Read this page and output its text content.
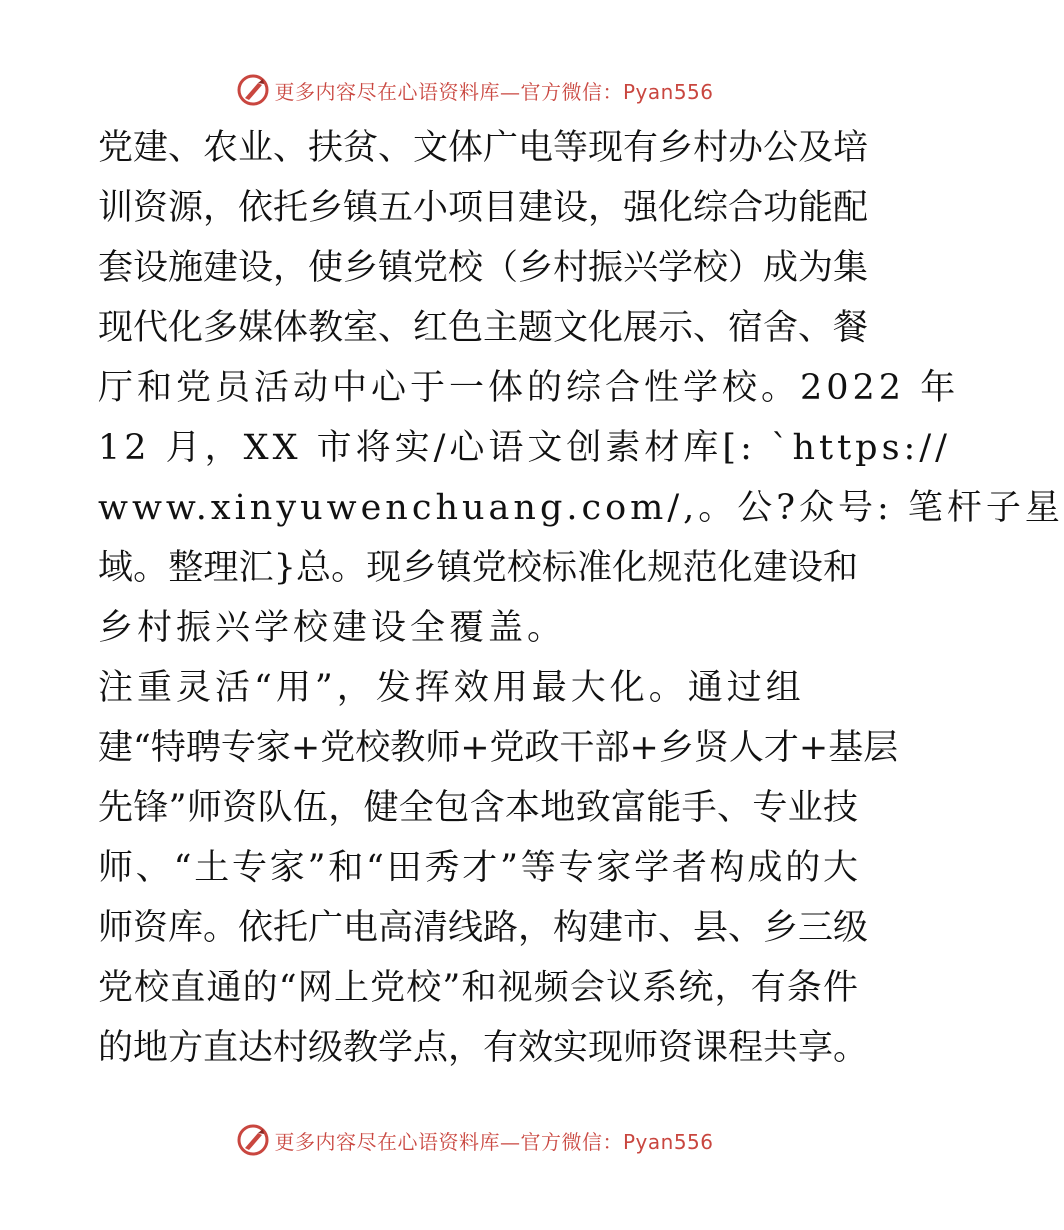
更多内容尽在心语资料库—官方微信：Pyan556

党建、农业、扶贫、文体广电等现有乡村办公及培
训资源，依托乡镇五小项目建设，强化综合功能配
套设施建设，使乡镇党校（乡村振兴学校）成为集
现代化多媒体教室、红色主题文化展示、宿舍、餐
厅和党员活动中心于一体的综合性学校。2022 年
12 月，XX 市将实/心语文创素材库[: `https://
www.xinyuwenchuang.com/,。公?众号: 笔杆子星
域。整理汇}总。现乡镇党校标准化规范化建设和
乡村振兴学校建设全覆盖。

注重灵活“用”，发挥效用最大化。通过组
建“特聘专家+党校教师+党政干部+乡贤人才+基层
先锋”师资队伍，健全包含本地致富能手、专业技
师、“土专家”和“田秀才”等专家学者构成的大
师资库。依托广电高清线路，构建市、县、乡三级
党校直通的“网上党校”和视频会议系统，有条件
的地方直达村级教学点，有效实现师资课程共享。

更多内容尽在心语资料库—官方微信：Pyan556
